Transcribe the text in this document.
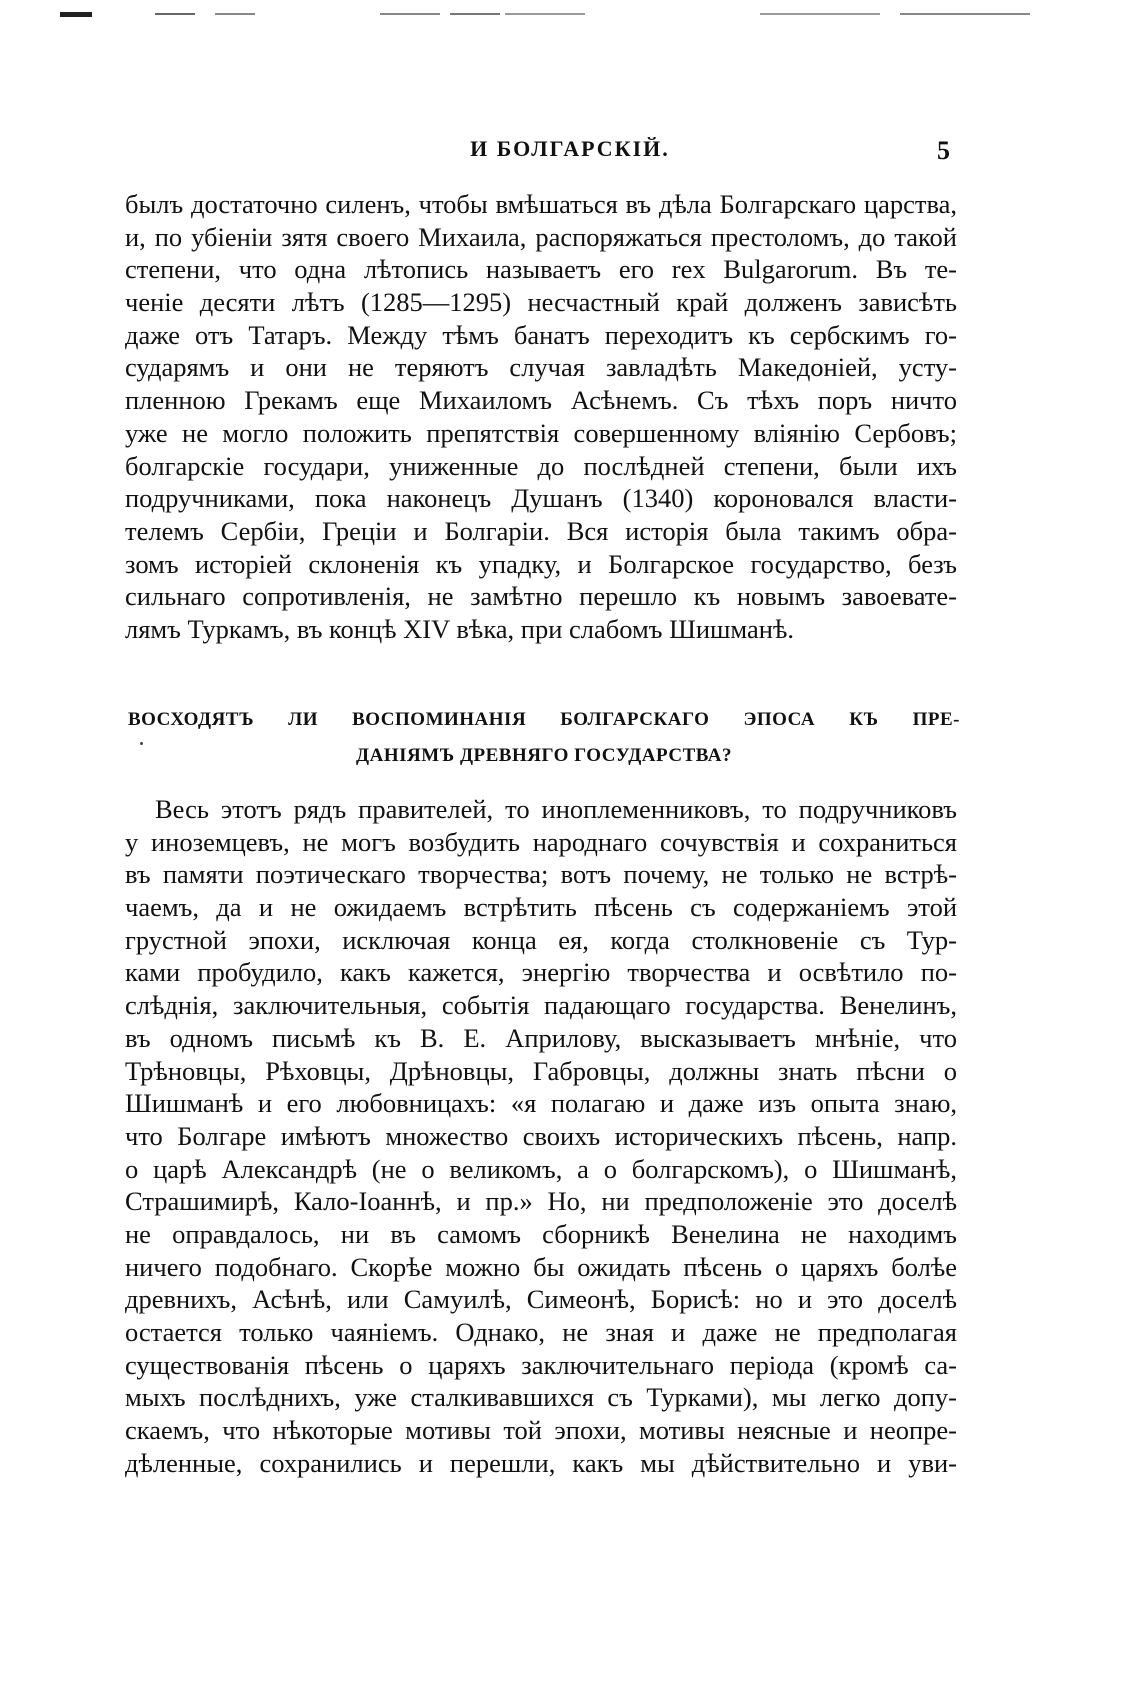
И БОЛГАРСКІЙ.	5
былъ достаточно силенъ, чтобы вмѣшаться въ дѣла Болгарскаго царства,
и, по убіеніи зятя своего Михаила, распоряжаться престоломъ, до такой
степени, что одна лѣтопись называетъ его rex Bulgarorum. Въ те-
ченіе десяти лѣтъ (1285—1295) несчастный край долженъ зависѣть
даже отъ Татаръ. Между тѣмъ банатъ переходитъ къ сербскимъ го-
сударямъ и они не теряютъ случая завладѣть Македоніей, усту-
пленною Грекамъ еще Михаиломъ Асѣнемъ. Съ тѣхъ поръ ничто
уже не могло положить препятствія совершенному вліянію Сербовъ;
болгарскіе государи, униженные до послѣдней степени, были ихъ
подручниками, пока наконецъ Душанъ (1340) короновался власти-
телемъ Сербіи, Греціи и Болгаріи. Вся исторія была такимъ обра-
зомъ исторіей склоненія къ упадку, и Болгарское государство, безъ
сильнаго сопротивленія, не замѣтно перешло къ новымъ завоевате-
лямъ Туркамъ, въ концѣ XIV вѣка, при слабомъ Шишманѣ.
ВОСХОДЯТЪ ЛИ ВОСПОМИНАНІЯ БОЛГАРСКАГО ЭПОСА КЪ ПРЕ-
ДАНІЯМЪ ДРЕВНЯГО ГОСУДАРСТВА?
Весь этотъ рядъ правителей, то иноплеменниковъ, то подручниковъ
у иноземцевъ, не могъ возбудить народнаго сочувствія и сохраниться
въ памяти поэтическаго творчества; вотъ почему, не только не встрѣ-
чаемъ, да и не ожидаемъ встрѣтить пѣсень съ содержаніемъ этой
грустной эпохи, исключая конца ея, когда столкновеніе съ Тур-
ками пробудило, какъ кажется, энергію творчества и освѣтило по-
слѣднія, заключительныя, событія падающаго государства. Венелинъ,
въ одномъ письмѣ къ В. Е. Априлову, высказываетъ мнѣніе, что
Трѣновцы, Рѣховцы, Дрѣновцы, Габровцы, должны знать пѣсни о
Шишманѣ и его любовницахъ: «я полагаю и даже изъ опыта знаю,
что Болгаре имѣютъ множество своихъ историческихъ пѣсень, напр.
о царѣ Александрѣ (не о великомъ, а о болгарскомъ), о Шишманѣ,
Страшимирѣ, Кало-Іоаннѣ, и пр.» Но, ни предположеніе это доселѣ
не оправдалось, ни въ самомъ сборникѣ Венелина не находимъ
ничего подобнаго. Скорѣе можно бы ожидать пѣсень о царяхъ болѣе
древнихъ, Асѣнѣ, или Самуилѣ, Симеонѣ, Борисѣ: но и это доселѣ
остается только чаяніемъ. Однако, не зная и даже не предполагая
существованія пѣсень о царяхъ заключительнаго періода (кромѣ са-
мыхъ послѣднихъ, уже сталкивавшихся съ Турками), мы легко допу-
скаемъ, что нѣкоторые мотивы той эпохи, мотивы неясные и неопре-
дѣленные, сохранились и перешли, какъ мы дѣйствительно и уви-
